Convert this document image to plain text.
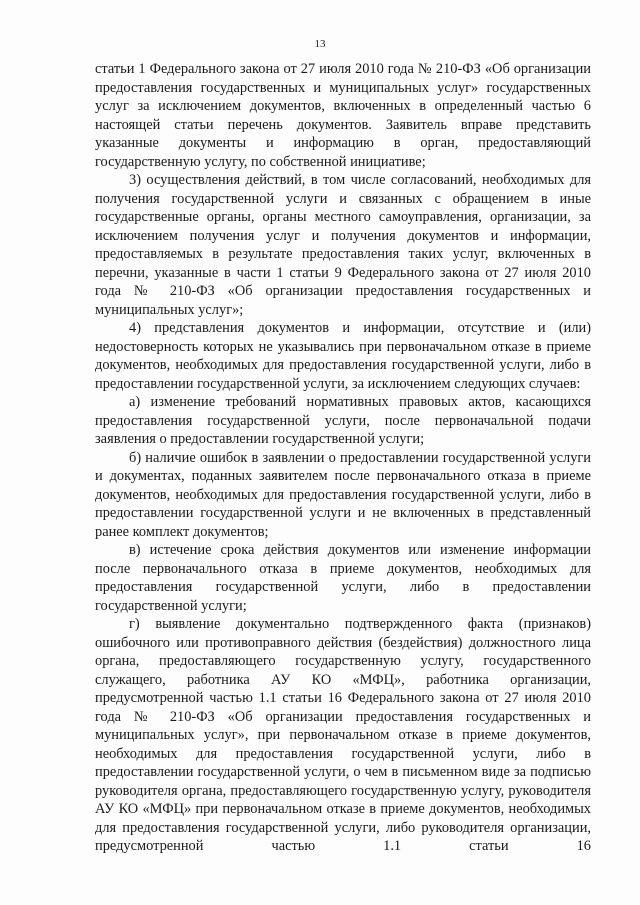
13

статьи 1 Федерального закона от 27 июля 2010 года № 210-ФЗ «Об организации предоставления государственных и муниципальных услуг» государственных услуг за исключением документов, включенных в определенный частью 6 настоящей статьи перечень документов. Заявитель вправе представить указанные документы и информацию в орган, предоставляющий государственную услугу, по собственной инициативе;

3) осуществления действий, в том числе согласований, необходимых для получения государственной услуги и связанных с обращением в иные государственные органы, органы местного самоуправления, организации, за исключением получения услуг и получения документов и информации, предоставляемых в результате предоставления таких услуг, включенных в перечни, указанные в части 1 статьи 9 Федерального закона от 27 июля 2010 года № 210-ФЗ «Об организации предоставления государственных и муниципальных услуг»;

4) представления документов и информации, отсутствие и (или) недостоверность которых не указывались при первоначальном отказе в приеме документов, необходимых для предоставления государственной услуги, либо в предоставлении государственной услуги, за исключением следующих случаев:

а) изменение требований нормативных правовых актов, касающихся предоставления государственной услуги, после первоначальной подачи заявления о предоставлении государственной услуги;

б) наличие ошибок в заявлении о предоставлении государственной услуги и документах, поданных заявителем после первоначального отказа в приеме документов, необходимых для предоставления государственной услуги, либо в предоставлении государственной услуги и не включенных в представленный ранее комплект документов;

в) истечение срока действия документов или изменение информации после первоначального отказа в приеме документов, необходимых для предоставления государственной услуги, либо в предоставлении государственной услуги;

г) выявление документально подтвержденного факта (признаков) ошибочного или противоправного действия (бездействия) должностного лица органа, предоставляющего государственную услугу, государственного служащего, работника АУ КО «МФЦ», работника организации, предусмотренной частью 1.1 статьи 16 Федерального закона от 27 июля 2010 года № 210-ФЗ «Об организации предоставления государственных и муниципальных услуг», при первоначальном отказе в приеме документов, необходимых для предоставления государственной услуги, либо в предоставлении государственной услуги, о чем в письменном виде за подписью руководителя органа, предоставляющего государственную услугу, руководителя АУ КО «МФЦ» при первоначальном отказе в приеме документов, необходимых для предоставления государственной услуги, либо руководителя организации, предусмотренной частью 1.1 статьи 16
